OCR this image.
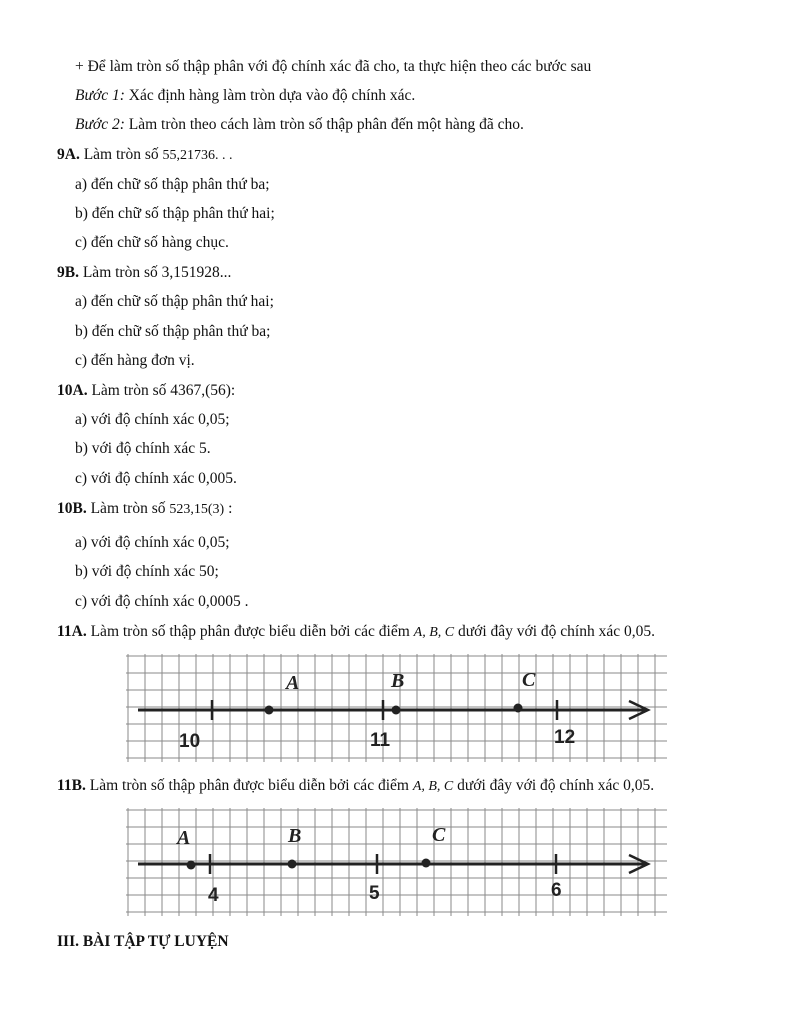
+ Để làm tròn số thập phân với độ chính xác đã cho, ta thực hiện theo các bước sau
Bước 1: Xác định hàng làm tròn dựa vào độ chính xác.
Bước 2: Làm tròn theo cách làm tròn số thập phân đến một hàng đã cho.
9A. Làm tròn số 55,21736. . .
a) đến chữ số thập phân thứ ba;
b) đến chữ số thập phân thứ hai;
c) đến chữ số hàng chục.
9B. Làm tròn số 3,151928...
a) đến chữ số thập phân thứ hai;
b) đến chữ số thập phân thứ ba;
c) đến hàng đơn vị.
10A. Làm tròn số 4367,(56):
a) với độ chính xác 0,05;
b) với độ chính xác 5.
c) với độ chính xác 0,005.
10B. Làm tròn số 523,15(3) :
a) với độ chính xác 0,05;
b) với độ chính xác 50;
c) với độ chính xác 0,0005 .
11A. Làm tròn số thập phân được biểu diễn bởi các điểm A, B, C dưới đây với độ chính xác 0,05.
A	B	C
10	11	12
11B. Làm tròn số thập phân được biểu diễn bởi các điểm A, B, C dưới đây với độ chính xác 0,05.
A	B	C
4	5	6
III. BÀI TẬP TỰ LUYỆN
